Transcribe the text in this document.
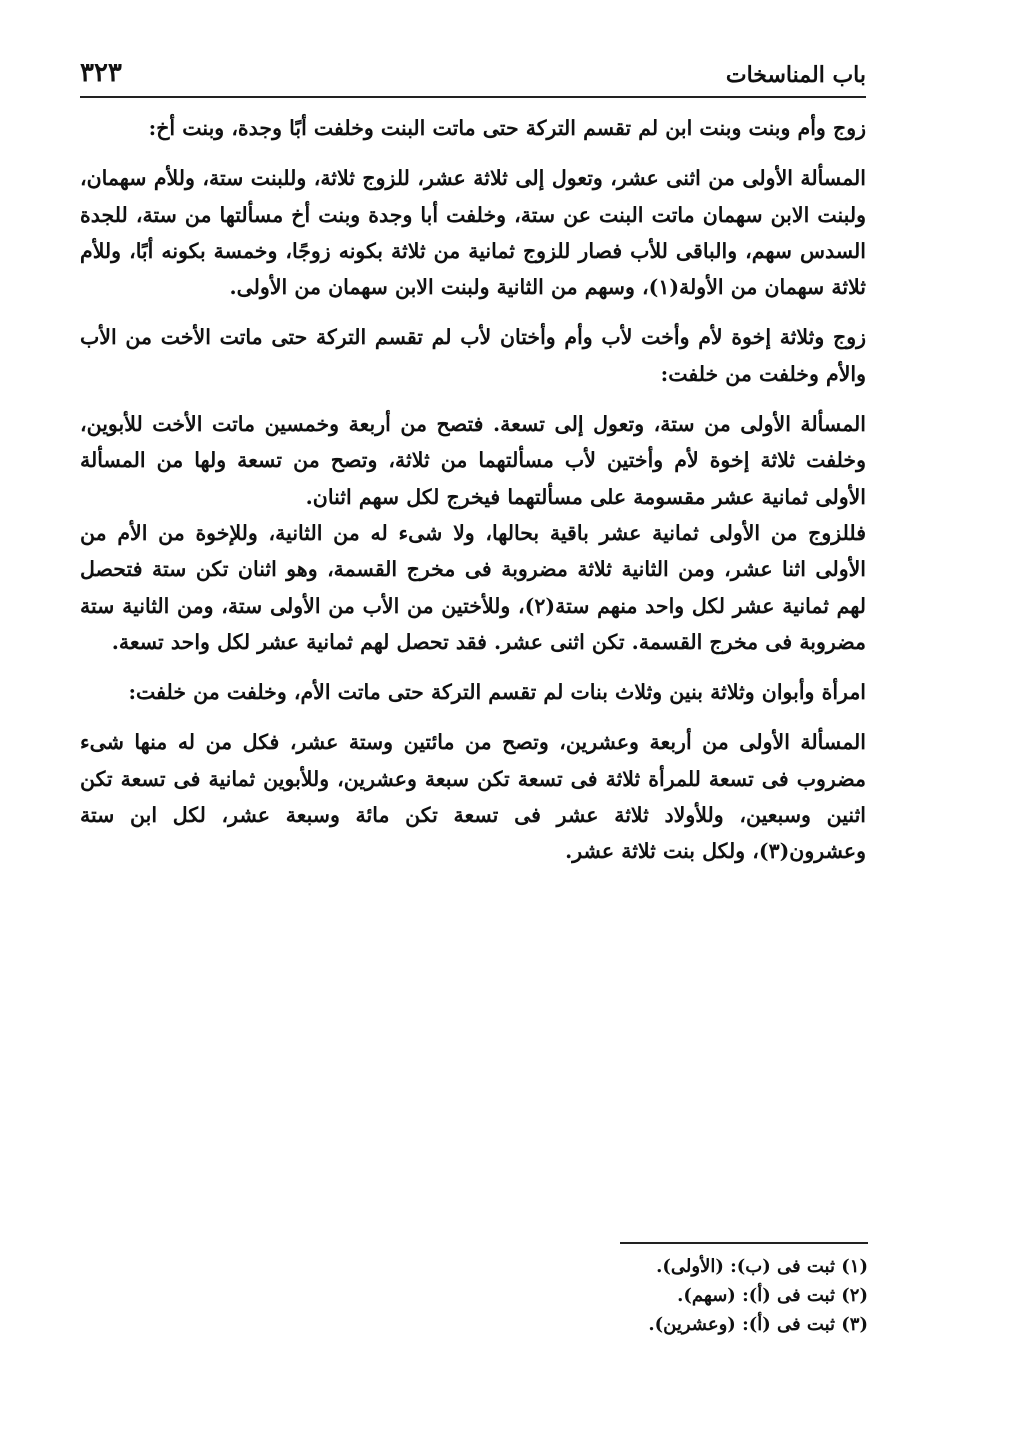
باب المناسخات
٣٢٣

زوج وأم وبنت وبنت ابن لم تقسم التركة حتى ماتت البنت وخلفت أبًا وجدة، وبنت أخ:

المسألة الأولى من اثنى عشر، وتعول إلى ثلاثة عشر، للزوج ثلاثة، وللبنت ستة، وللأم سهمان، ولبنت الابن سهمان ماتت البنت عن ستة، وخلفت أبا وجدة وبنت أخ مسألتها من ستة، للجدة السدس سهم، والباقى للأب فصار للزوج ثمانية من ثلاثة بكونه زوجًا، وخمسة بكونه أبًا، وللأم ثلاثة سهمان من الأولة(١)، وسهم من الثانية ولبنت الابن سهمان من الأولى.

زوج وثلاثة إخوة لأم وأخت لأب وأم وأختان لأب لم تقسم التركة حتى ماتت الأخت من الأب والأم وخلفت من خلفت:

المسألة الأولى من ستة، وتعول إلى تسعة. فتصح من أربعة وخمسين ماتت الأخت للأبوين، وخلفت ثلاثة إخوة لأم وأختين لأب مسألتهما من ثلاثة، وتصح من تسعة ولها من المسألة الأولى ثمانية عشر مقسومة على مسألتهما فيخرج لكل سهم اثنان.

فللزوج من الأولى ثمانية عشر باقية بحالها، ولا شىء له من الثانية، وللإخوة من الأم من الأولى اثنا عشر، ومن الثانية ثلاثة مضروبة فى مخرج القسمة، وهو اثنان تكن ستة فتحصل لهم ثمانية عشر لكل واحد منهم ستة(٢)، وللأختين من الأب من الأولى ستة، ومن الثانية ستة مضروبة فى مخرج القسمة. تكن اثنى عشر. فقد تحصل لهم ثمانية عشر لكل واحد تسعة.

امرأة وأبوان وثلاثة بنين وثلاث بنات لم تقسم التركة حتى ماتت الأم، وخلفت من خلفت:

المسألة الأولى من أربعة وعشرين، وتصح من مائتين وستة عشر، فكل من له منها شىء مضروب فى تسعة للمرأة ثلاثة فى تسعة تكن سبعة وعشرين، وللأبوين ثمانية فى تسعة تكن اثنين وسبعين، وللأولاد ثلاثة عشر فى تسعة تكن مائة وسبعة عشر، لكل ابن ستة وعشرون(٣)، ولكل بنت ثلاثة عشر.

(١) ثبت فى (ب): (الأولى).
(٢) ثبت فى (أ): (سهم).
(٣) ثبت فى (أ): (وعشرين).
